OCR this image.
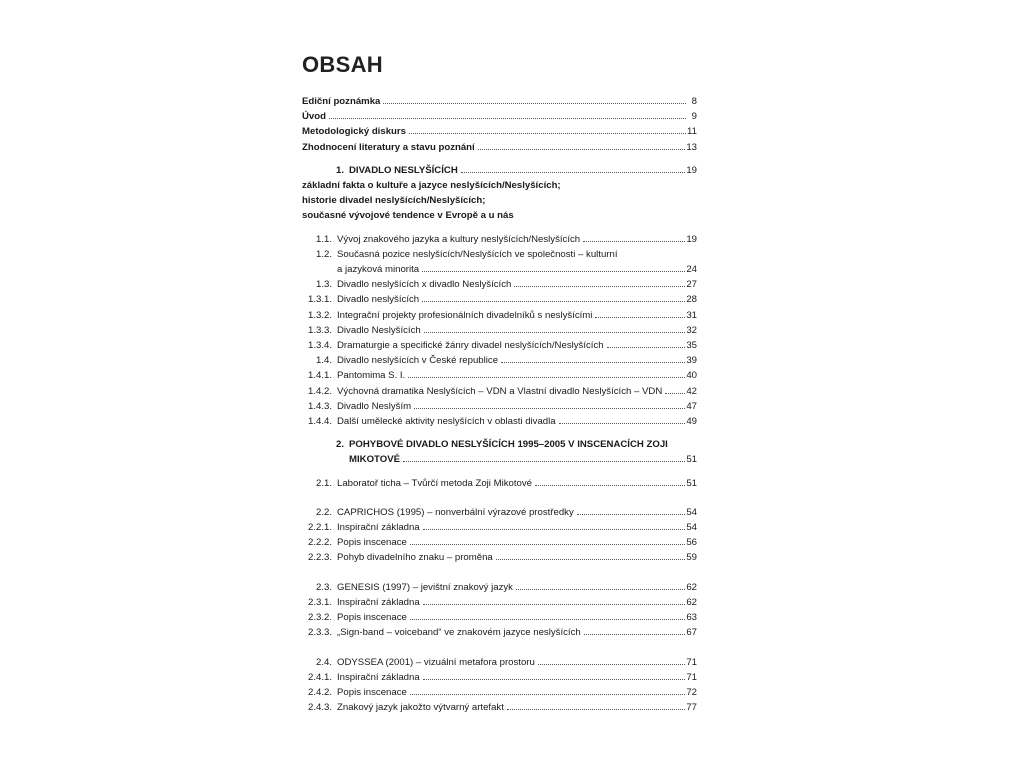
OBSAH
Ediční poznámka	8
Úvod	9
Metodologický diskurs	11
Zhodnocení literatury a stavu poznání	13
1. DIVADLO NESLYŠÍCÍCH	19
základní fakta o kultuře a jazyce neslyšících/Neslyšících;
historie divadel neslyšících/Neslyšících;
současné vývojové tendence v Evropě a u nás
1.1. Vývoj znakového jazyka a kultury neslyšících/Neslyšících	19
1.2. Současná pozice neslyšících/Neslyšících ve společnosti – kulturní
a jazyková minorita	24
1.3. Divadlo neslyšících x divadlo Neslyšících	27
1.3.1. Divadlo neslyšících	28
1.3.2. Integrační projekty profesionálních divadelníků s neslyšícími	31
1.3.3. Divadlo Neslyšících	32
1.3.4. Dramaturgie a specifické žánry divadel neslyšících/Neslyšících	35
1.4. Divadlo neslyšících v České republice	39
1.4.1. Pantomima S. I.	40
1.4.2. Výchovná dramatika Neslyšících – VDN a Vlastní divadlo Neslyšících – VDN	42
1.4.3. Divadlo Neslyším	47
1.4.4. Další umělecké aktivity neslyšících v oblasti divadla	49
2. POHYBOVÉ DIVADLO NESLYŠÍCÍCH 1995–2005 V INSCENACÍCH ZOJI
MIKOTOVÉ	51
2.1. Laboratoř ticha – Tvůrčí metoda Zoji Mikotové	51
2.2. CAPRICHOS (1995) – nonverbální výrazové prostředky	54
2.2.1. Inspirační základna	54
2.2.2. Popis inscenace	56
2.2.3. Pohyb divadelního znaku – proměna	59
2.3. GENESIS (1997) – jevištní znakový jazyk	62
2.3.1. Inspirační základna	62
2.3.2. Popis inscenace	63
2.3.3. „Sign-band – voiceband“ ve znakovém jazyce neslyšících	67
2.4. ODYSSEA (2001) – vizuální metafora prostoru	71
2.4.1. Inspirační základna	71
2.4.2. Popis inscenace	72
2.4.3. Znakový jazyk jakožto výtvarný artefakt	77
